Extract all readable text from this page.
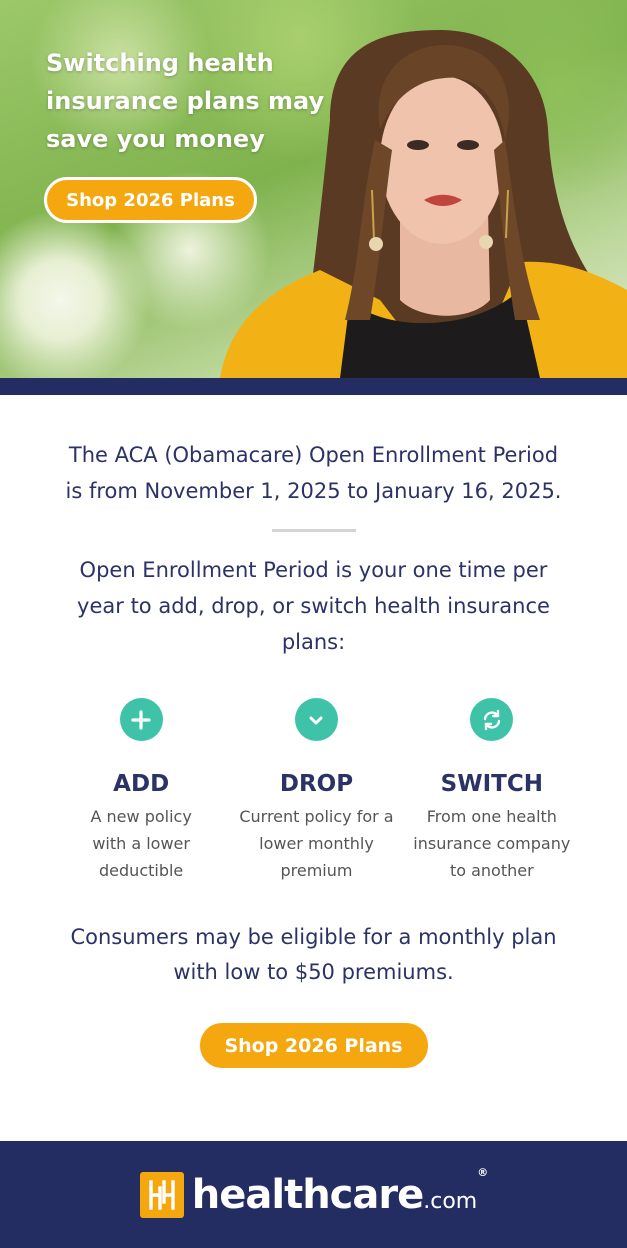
Switching health insurance plans may save you money
Shop 2026 Plans

The ACA (Obamacare) Open Enrollment Period is from November 1, 2025 to January 16, 2025.

Open Enrollment Period is your one time per year to add, drop, or switch health insurance plans:

ADD

A new policy with a lower deductible

DROP

Current policy for a lower monthly premium

SWITCH

From one health insurance company to another

Consumers may be eligible for a monthly plan with low to $50 premiums.

Shop 2026 Plans
healthcare.com®
